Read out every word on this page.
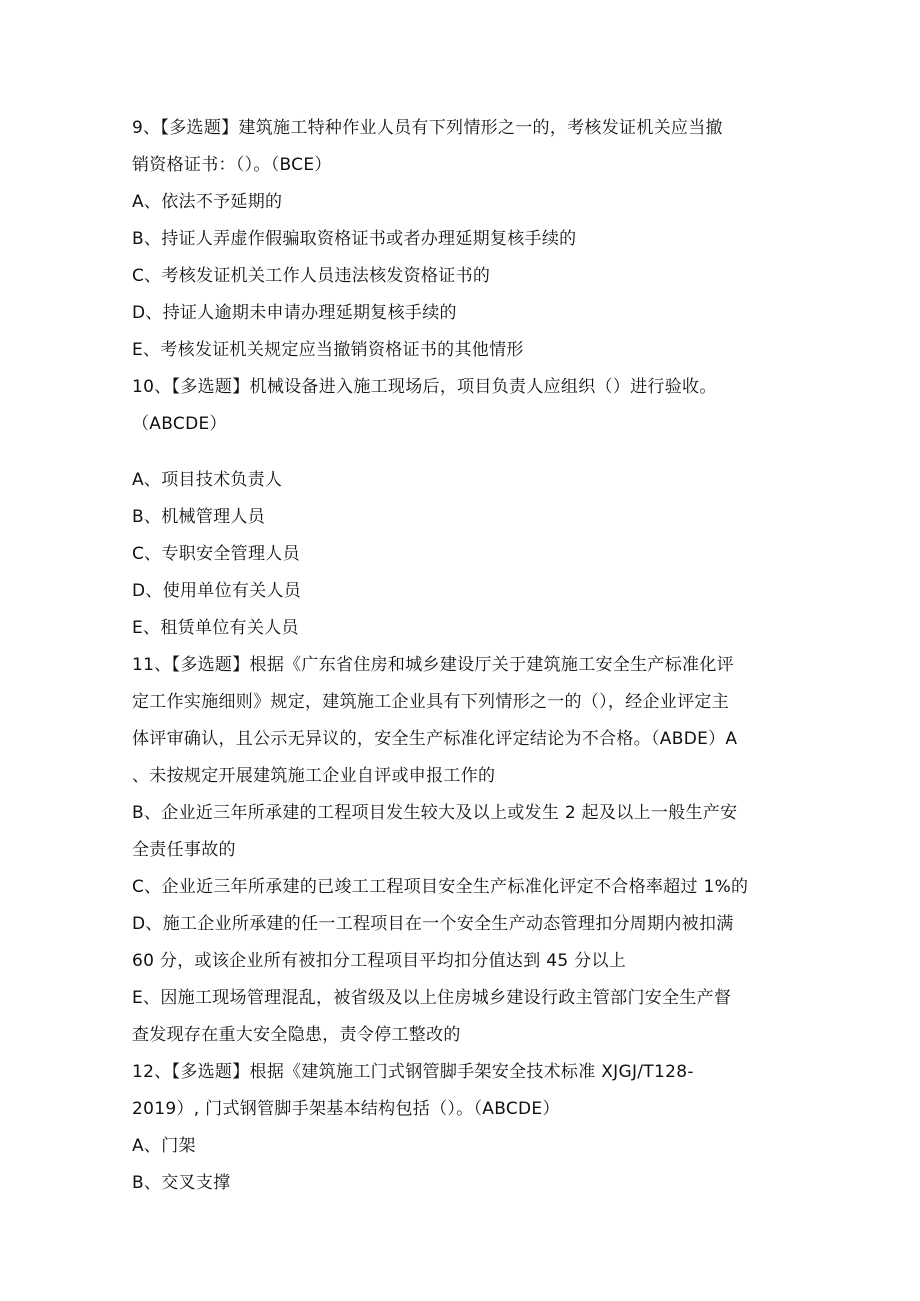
9、【多选题】建筑施工特种作业人员有下列情形之一的，考核发证机关应当撤
销资格证书：（）。（BCE）
A、依法不予延期的
B、持证人弄虚作假骗取资格证书或者办理延期复核手续的
C、考核发证机关工作人员违法核发资格证书的
D、持证人逾期未申请办理延期复核手续的
E、考核发证机关规定应当撤销资格证书的其他情形
10、【多选题】机械设备进入施工现场后，项目负责人应组织（）进行验收。
（ABCDE）
A、项目技术负责人
B、机械管理人员
C、专职安全管理人员
D、使用单位有关人员
E、租赁单位有关人员
11、【多选题】根据《广东省住房和城乡建设厅关于建筑施工安全生产标准化评
定工作实施细则》规定，建筑施工企业具有下列情形之一的（），经企业评定主
体评审确认，且公示无异议的，安全生产标准化评定结论为不合格。（ABDE）A
、未按规定开展建筑施工企业自评或申报工作的
B、企业近三年所承建的工程项目发生较大及以上或发生 2 起及以上一般生产安
全责任事故的
C、企业近三年所承建的已竣工工程项目安全生产标准化评定不合格率超过 1%的
D、施工企业所承建的任一工程项目在一个安全生产动态管理扣分周期内被扣满
60 分，或该企业所有被扣分工程项目平均扣分值达到 45 分以上
E、因施工现场管理混乱，被省级及以上住房城乡建设行政主管部门安全生产督
查发现存在重大安全隐患，责令停工整改的
12、【多选题】根据《建筑施工门式钢管脚手架安全技术标准 XJGJ/T128-
2019）, 门式钢管脚手架基本结构包括（）。（ABCDE）
A、门架
B、交叉支撑
